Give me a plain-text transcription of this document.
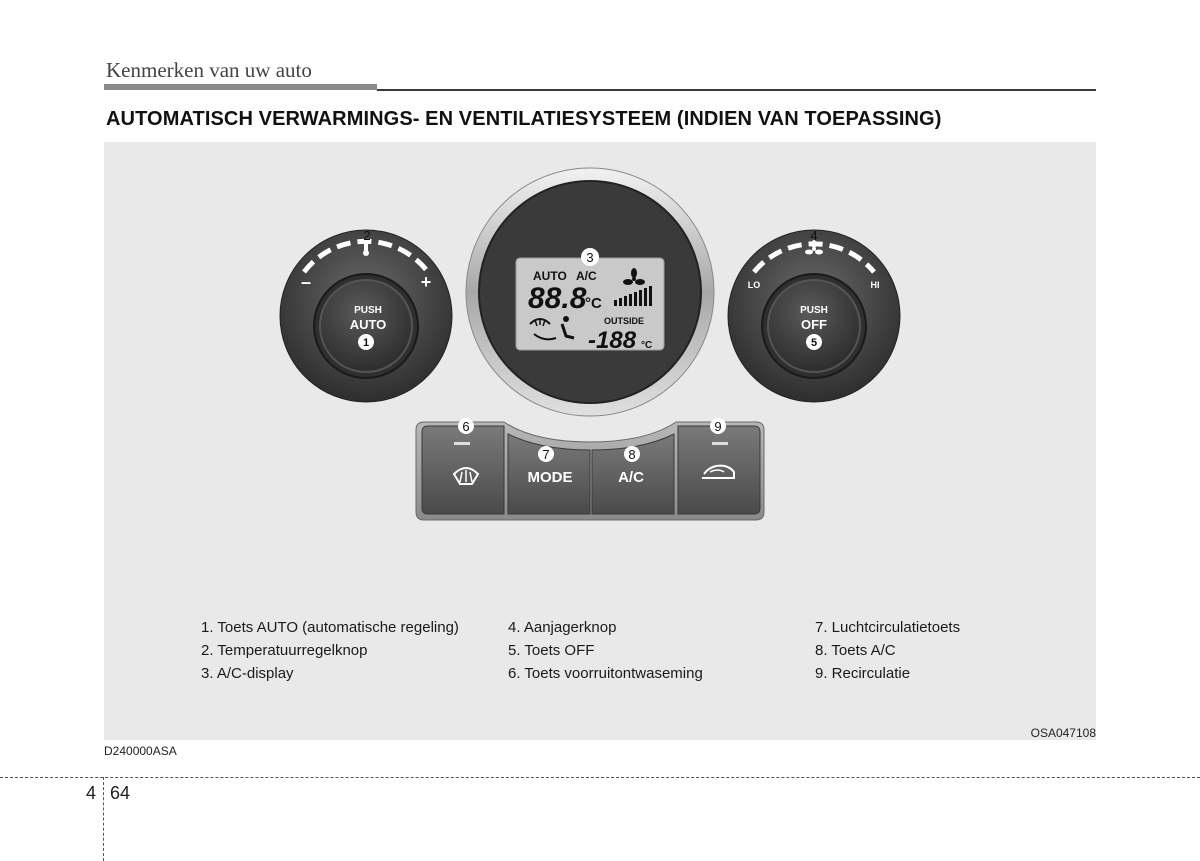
Kenmerken van uw auto
AUTOMATISCH VERWARMINGS- EN VENTILATIESYSTEEM (INDIEN VAN TOEPASSING)
2
–	+
PUSH
AUTO
1
3
AUTO A/C
88.8
°C
OUTSIDE
-188 °C
4
LO	HI
PUSH
OFF
5
6
7
MODE
8
A/C
9
1. Toets AUTO (automatische regeling)
2. Temperatuurregelknop
3. A/C-display
4. Aanjagerknop
5. Toets OFF
6. Toets voorruitontwaseming
7. Luchtcirculatietoets
8. Toets A/C
9. Recirculatie
OSA047108
D240000ASA
4 64
